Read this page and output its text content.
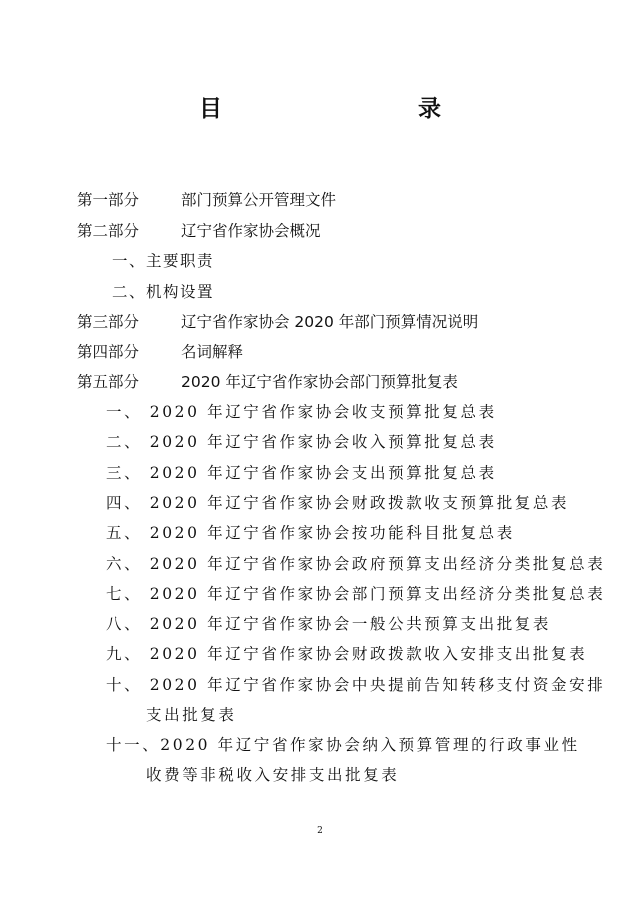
目　　录
第一部分	部门预算公开管理文件
第二部分	辽宁省作家协会概况
一、主要职责
二、机构设置
第三部分	辽宁省作家协会 2020 年部门预算情况说明
第四部分	名词解释
第五部分	2020 年辽宁省作家协会部门预算批复表
一、 2020 年辽宁省作家协会收支预算批复总表
二、 2020 年辽宁省作家协会收入预算批复总表
三、 2020 年辽宁省作家协会支出预算批复总表
四、 2020 年辽宁省作家协会财政拨款收支预算批复总表
五、 2020 年辽宁省作家协会按功能科目批复总表
六、 2020 年辽宁省作家协会政府预算支出经济分类批复总表
七、 2020 年辽宁省作家协会部门预算支出经济分类批复总表
八、 2020 年辽宁省作家协会一般公共预算支出批复表
九、 2020 年辽宁省作家协会财政拨款收入安排支出批复表
十、 2020 年辽宁省作家协会中央提前告知转移支付资金安排
支出批复表
十一、2020 年辽宁省作家协会纳入预算管理的行政事业性
收费等非税收入安排支出批复表
2
